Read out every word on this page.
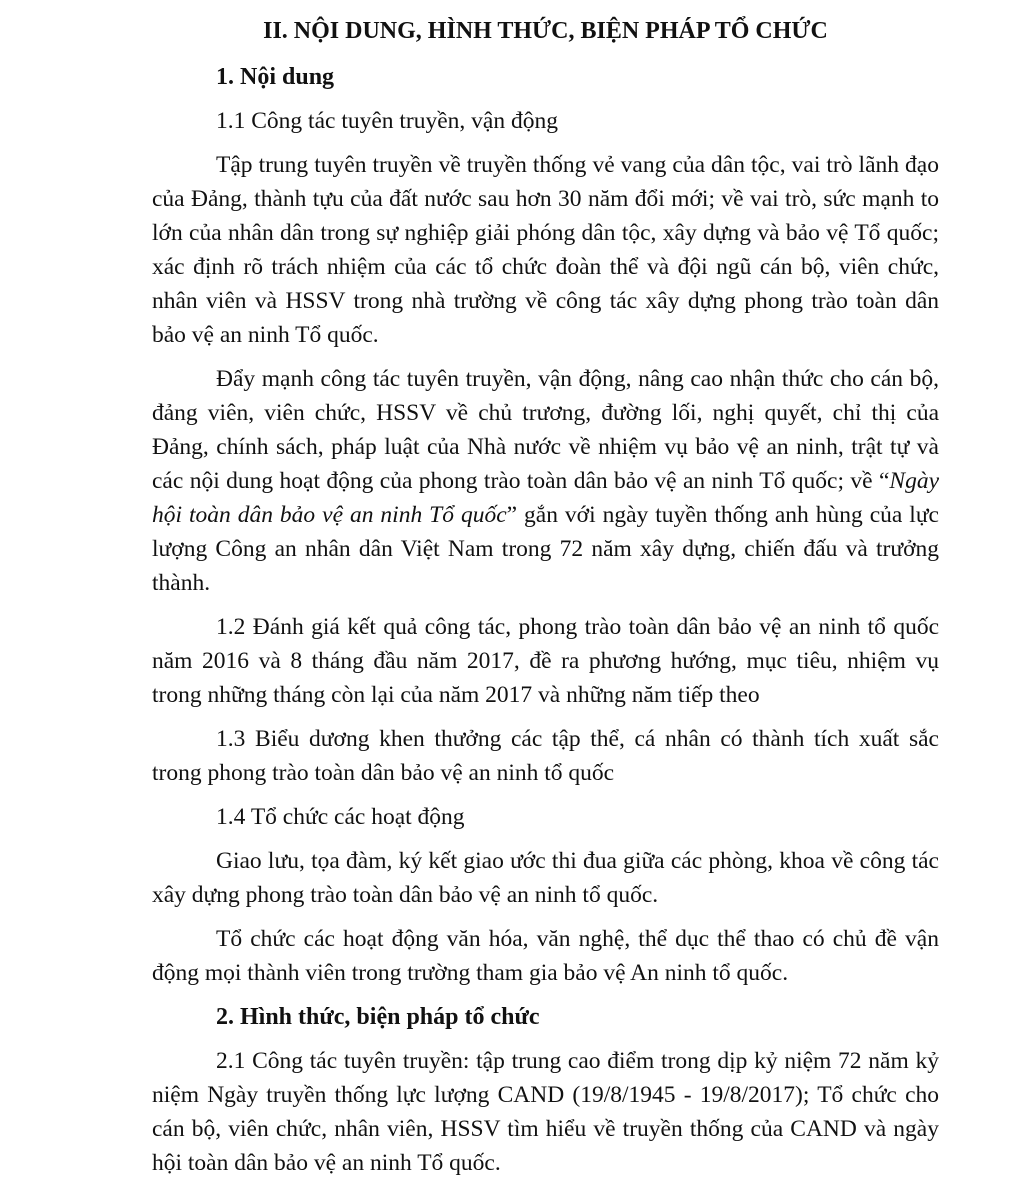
II. NỘI DUNG, HÌNH THỨC, BIỆN PHÁP TỔ CHỨC
1. Nội dung
1.1 Công tác tuyên truyền, vận động
Tập trung tuyên truyền về truyền thống vẻ vang của dân tộc, vai trò lãnh đạo của Đảng, thành tựu của đất nước sau hơn 30 năm đổi mới; về vai trò, sức mạnh to lớn của nhân dân trong sự nghiệp giải phóng dân tộc, xây dựng và bảo vệ Tổ quốc; xác định rõ trách nhiệm của các tổ chức đoàn thể và đội ngũ cán bộ, viên chức, nhân viên và HSSV trong nhà trường về công tác xây dựng phong trào toàn dân bảo vệ an ninh Tổ quốc.
Đẩy mạnh công tác tuyên truyền, vận động, nâng cao nhận thức cho cán bộ, đảng viên, viên chức, HSSV về chủ trương, đường lối, nghị quyết, chỉ thị của Đảng, chính sách, pháp luật của Nhà nước về nhiệm vụ bảo vệ an ninh, trật tự và các nội dung hoạt động của phong trào toàn dân bảo vệ an ninh Tổ quốc; về “Ngày hội toàn dân bảo vệ an ninh Tổ quốc” gắn với ngày tuyền thống anh hùng của lực lượng Công an nhân dân Việt Nam trong 72 năm xây dựng, chiến đấu và trưởng thành.
1.2 Đánh giá kết quả công tác, phong trào toàn dân bảo vệ an ninh tổ quốc năm 2016 và 8 tháng đầu năm 2017, đề ra phương hướng, mục tiêu, nhiệm vụ trong những tháng còn lại của năm 2017 và những năm tiếp theo
1.3 Biểu dương khen thưởng các tập thể, cá nhân có thành tích xuất sắc trong phong trào toàn dân bảo vệ an ninh tổ quốc
1.4 Tổ chức các hoạt động
Giao lưu, tọa đàm, ký kết giao ước thi đua giữa các phòng, khoa về công tác xây dựng phong trào toàn dân bảo vệ an ninh tổ quốc.
Tổ chức các hoạt động văn hóa, văn nghệ, thể dục thể thao có chủ đề vận động mọi thành viên trong trường tham gia bảo vệ An ninh tổ quốc.
2. Hình thức, biện pháp tổ chức
2.1 Công tác tuyên truyền: tập trung cao điểm trong dịp kỷ niệm 72 năm kỷ niệm Ngày truyền thống lực lượng CAND (19/8/1945 - 19/8/2017); Tổ chức cho cán bộ, viên chức, nhân viên, HSSV tìm hiểu về truyền thống của CAND và ngày hội toàn dân bảo vệ an ninh Tổ quốc.
